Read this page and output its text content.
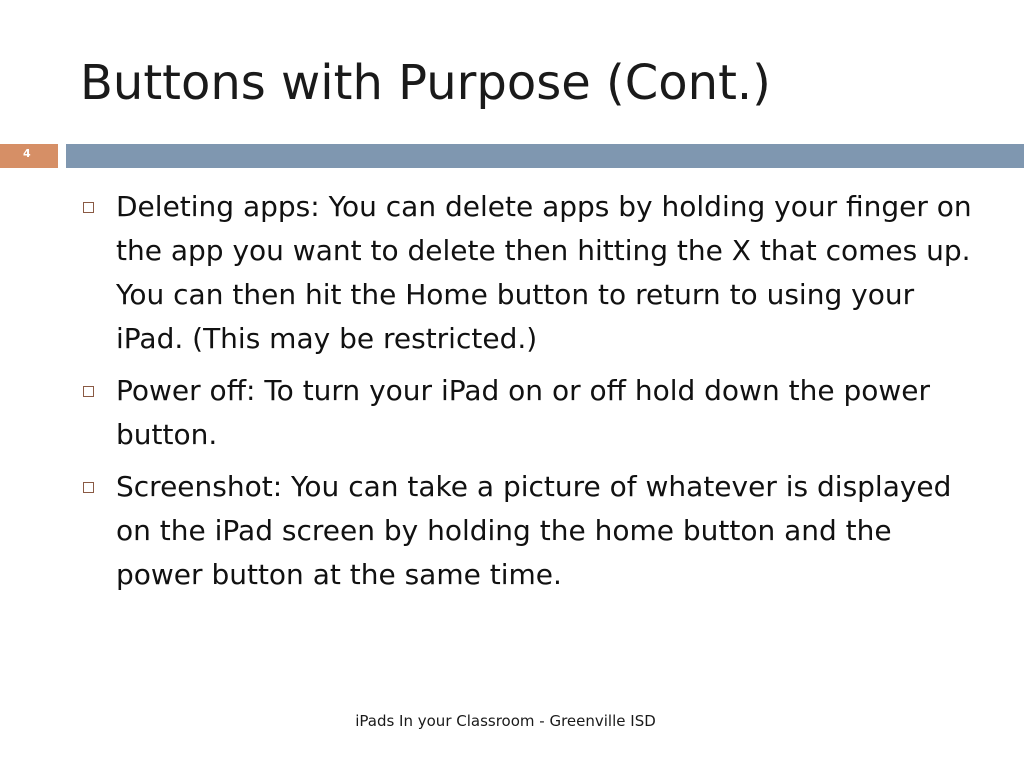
Buttons with Purpose (Cont.)
4
Deleting apps: You can delete apps by holding your finger on the app you want to delete then hitting the X that comes up. You can then hit the Home button to return to using your iPad. (This may be restricted.)
Power off: To turn your iPad on or off hold down the power button.
Screenshot: You can take a picture of whatever is displayed on the iPad screen by holding the home button and the power button at the same time.
iPads In your Classroom - Greenville ISD
